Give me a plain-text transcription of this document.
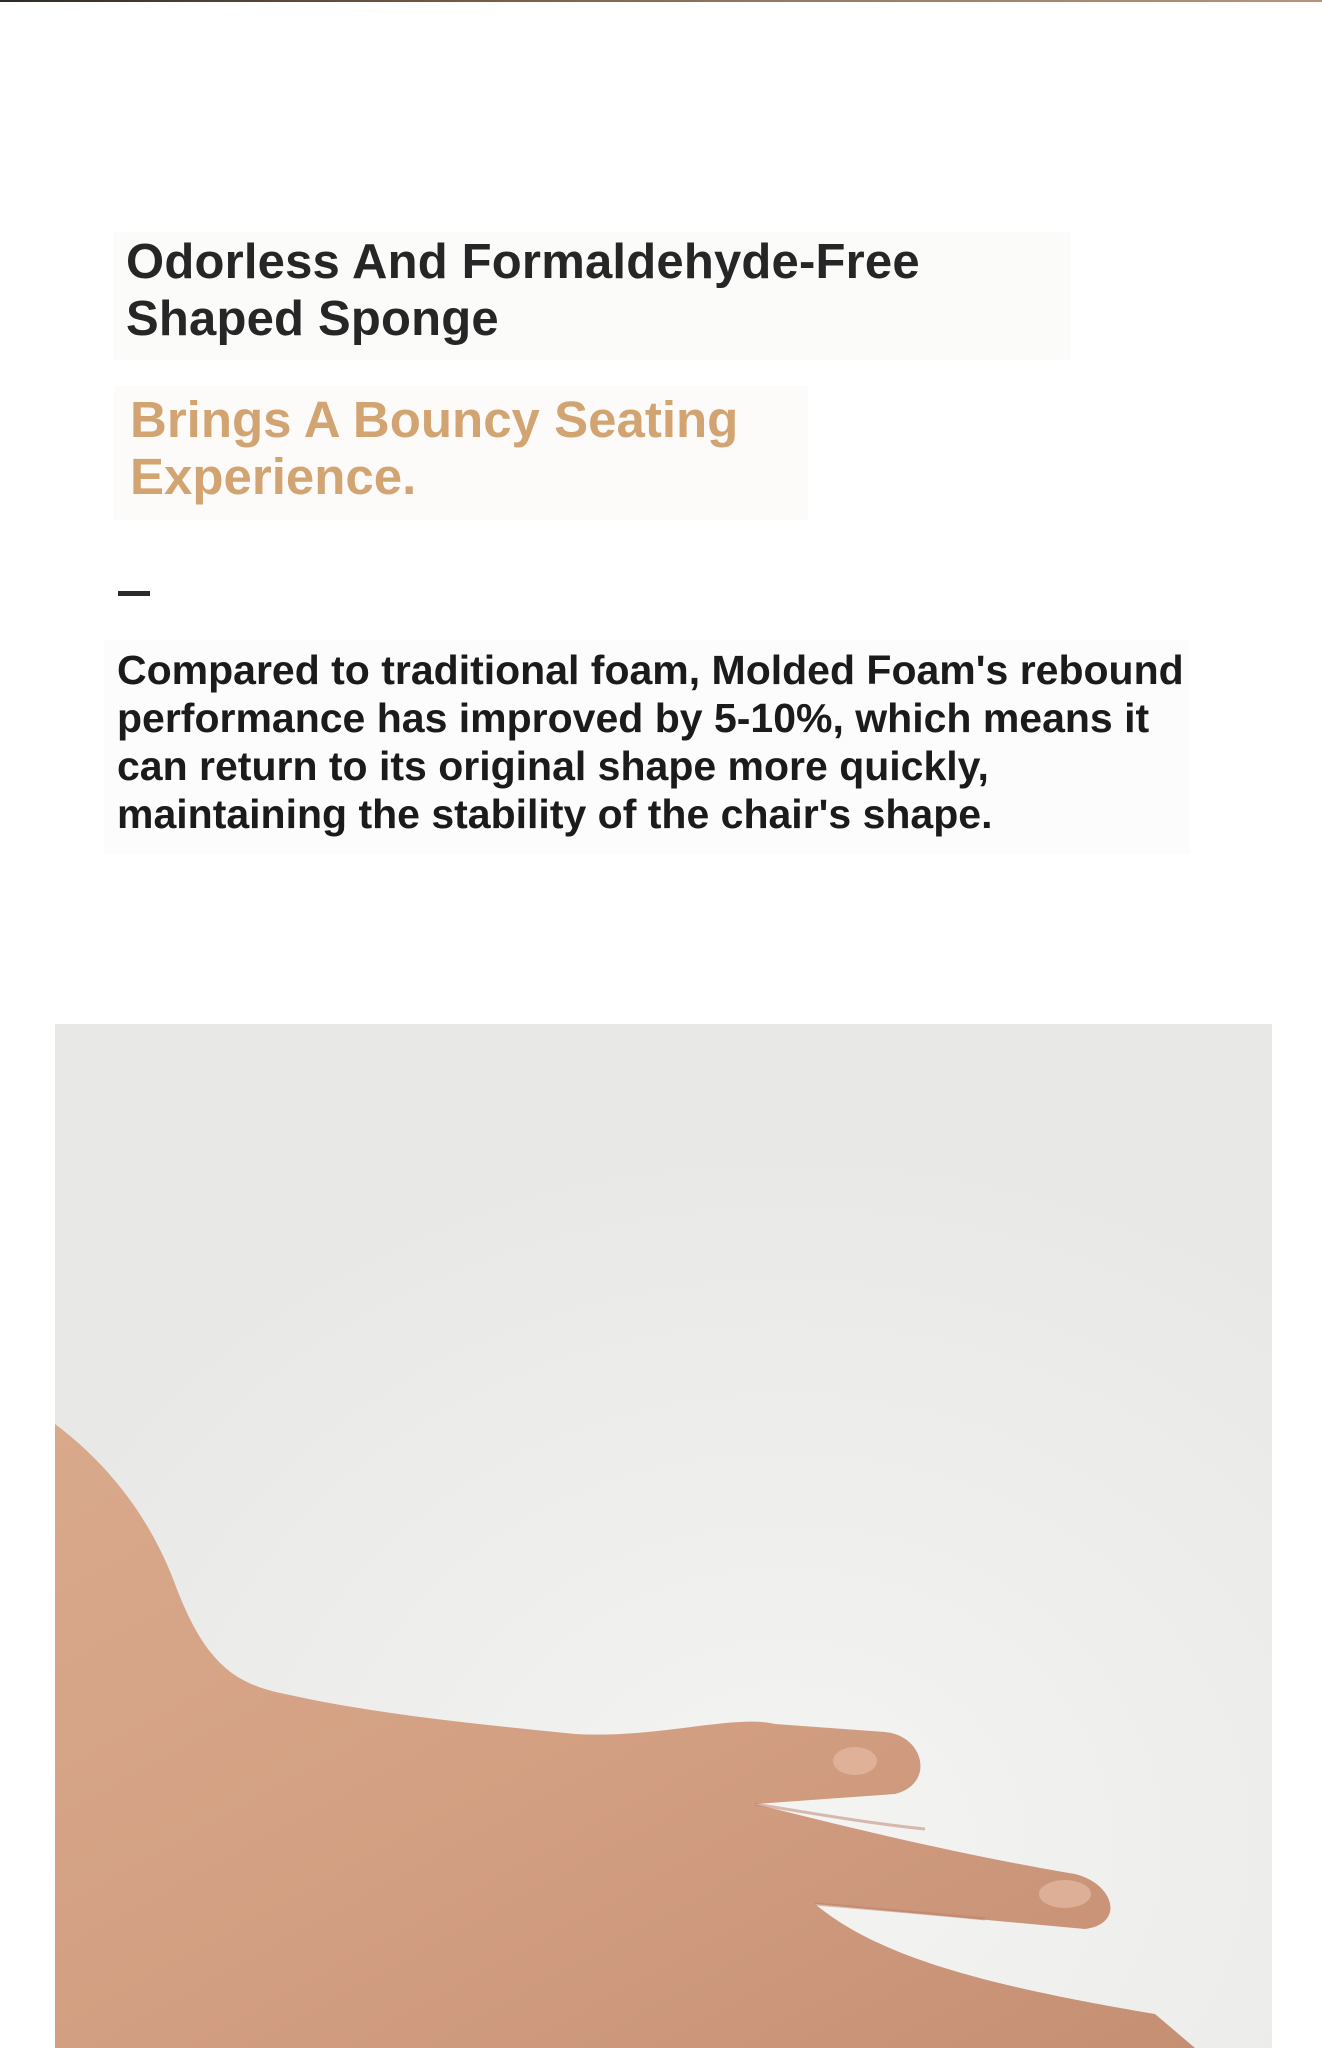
Odorless And Formaldehyde-Free Shaped Sponge
Brings A Bouncy Seating Experience.

Compared to traditional foam, Molded Foam's rebound performance has improved by 5-10%, which means it can return to its original shape more quickly, maintaining the stability of the chair's shape.
